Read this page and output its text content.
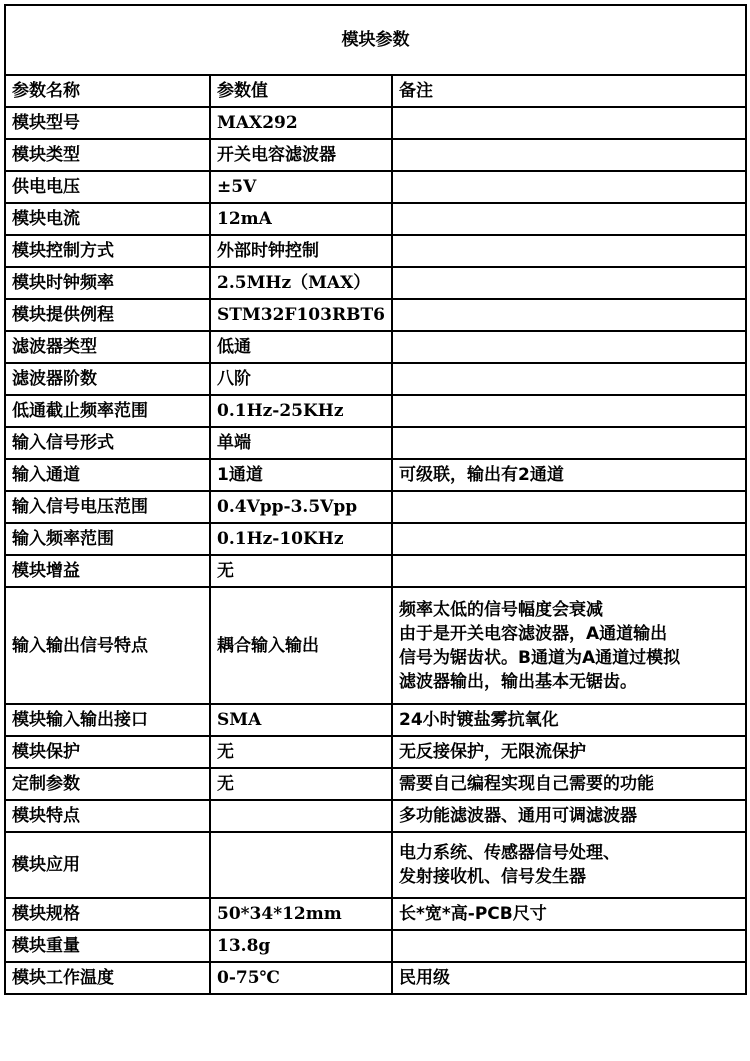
模块参数		
参数名称	参数值	备注
模块型号	MAX292	
模块类型	开关电容滤波器	
供电电压	±5V	
模块电流	12mA	
模块控制方式	外部时钟控制	
模块时钟频率	2.5MHz（MAX）	
模块提供例程	STM32F103RBT6	
滤波器类型	低通	
滤波器阶数	八阶	
低通截止频率范围	0.1Hz-25KHz	
输入信号形式	单端	
输入通道	1通道	可级联，输出有2通道
输入信号电压范围	0.4Vpp-3.5Vpp	
输入频率范围	0.1Hz-10KHz	
模块增益	无	
输入输出信号特点	耦合输入输出	频率太低的信号幅度会衰减
由于是开关电容滤波器，A通道输出
信号为锯齿状。B通道为A通道过模拟
滤波器输出，输出基本无锯齿。

模块输入输出接口	SMA	24小时镀盐雾抗氧化
模块保护	无	无反接保护，无限流保护
定制参数	无	需要自己编程实现自己需要的功能
模块特点		多功能滤波器、通用可调滤波器
模块应用		电力系统、传感器信号处理、
发射接收机、信号发生器

模块规格	50*34*12mm	长*宽*高-PCB尺寸
模块重量	13.8g	
模块工作温度	0-75℃	民用级
